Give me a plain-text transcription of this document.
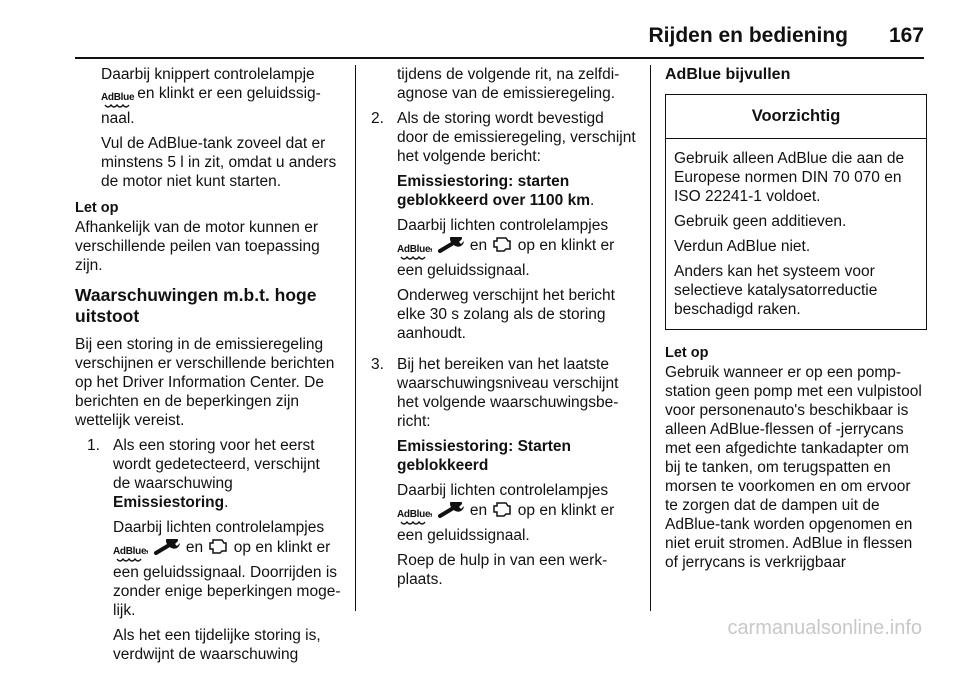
Rijden en bediening 167

Daarbij knippert controlelampje AdBlue
en klinkt er een geluidssignaal.

Vul de AdBlue-tank zoveel dat er minstens 5 l in zit, omdat u anders de motor niet kunt starten.

Let op

Afhankelijk van de motor kunnen er verschillende peilen van toepassing zijn.

Waarschuwingen m.b.t. hoge uitstoot

Bij een storing in de emissieregeling verschijnen er verschillende berichten op het Driver Information Center. De berichten en de beperkingen zijn wettelijk vereist.

1. Als een storing voor het eerst wordt gedetecteerd, verschijnt de waarschuwing Emissiestoring.

Daarbij lichten controlelampjes AdBlue
,  en  op en klinkt er een geluidssignaal. Doorrijden is zonder enige beperkingen mogelijk.

Als het een tijdelijke storing is, verdwijnt de waarschuwing

tijdens de volgende rit, na zelfdiagnose van de emissieregeling.

2. Als de storing wordt bevestigd door de emissieregeling, verschijnt het volgende bericht:

Emissiestoring: starten geblokkeerd over 1100 km.

Daarbij lichten controlelampjes AdBlue
,  en  op en klinkt er een geluidssignaal.

Onderweg verschijnt het bericht elke 30 s zolang als de storing aanhoudt.

3. Bij het bereiken van het laatste waarschuwingsniveau verschijnt het volgende waarschuwingsbericht:

Emissiestoring: Starten geblokkeerd

Daarbij lichten controlelampjes AdBlue
,  en  op en klinkt er een geluidssignaal.

Roep de hulp in van een werkplaats.

AdBlue bijvullen
Voorzichtig

Gebruik alleen AdBlue die aan de Europese normen DIN 70 070 en ISO 22241-1 voldoet.

Gebruik geen additieven.

Verdun AdBlue niet.

Anders kan het systeem voor selectieve katalysatorreductie beschadigd raken.

Let op

Gebruik wanneer er op een pompstation geen pomp met een vulpistool voor personenauto's beschikbaar is alleen AdBlue-flessen of -jerrycans met een afgedichte tankadapter om bij te tanken, om terugspatten en morsen te voorkomen en om ervoor te zorgen dat de dampen uit de AdBlue-tank worden opgenomen en niet eruit stromen. AdBlue in flessen of jerrycans is verkrijgbaar

carmanualsonline.info
